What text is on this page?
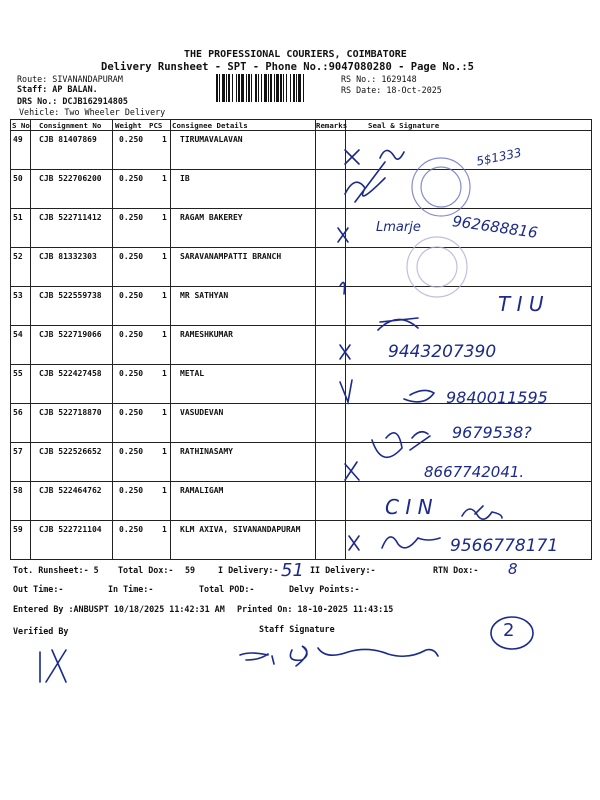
THE PROFESSIONAL COURIERS, COIMBATORE
Delivery Runsheet - SPT - Phone No.:9047080280 - Page No.:5
Route: SIVANANDAPURAM
Staff: AP BALAN.
DRS No.: DCJB162914805
Vehicle: Two Wheeler Delivery
RS No.: 1629148
RS Date: 18-Oct-2025
S No Consignment No Weight PCS Consignee Details	Remarks	Seal & Signature
49 CJB 81407869	0.250 1 TIRUMAVALAVAN
50 CJB 522706200 0.250 1 IB
51 CJB 522711412 0.250 1 RAGAM BAKEREY
52 CJB 81332303	0.250 1 SARAVANAMPATTI BRANCH
53 CJB 522559738 0.250 1 MR SATHYAN
54 CJB 522719066 0.250 1 RAMESHKUMAR
55 CJB 522427458 0.250 1 METAL
56 CJB 522718870 0.250 1 VASUDEVAN
57 CJB 522526652 0.250 1 RATHINASAMY
58 CJB 522464762 0.250 1 RAMALIGAM
59 CJB 522721104 0.250 1 KLM AXIVA, SIVANANDAPURAM
5$1333
Lmarje 962688816
T I U
9443207390
9840011595
9679538?
8667742041.
C I N
9566778171
51	8
2
Tot. Runsheet:- 5 Total Dox:- 59	I Delivery:-	II Delivery:-	RTN Dox:-
Out Time:-	In Time:-	Total POD:-	Delvy Points:-
Entered By :ANBUSPT 10/18/2025 11:42:31 AM Printed On: 18-10-2025 11:43:15
Verified By	Staff Signature
